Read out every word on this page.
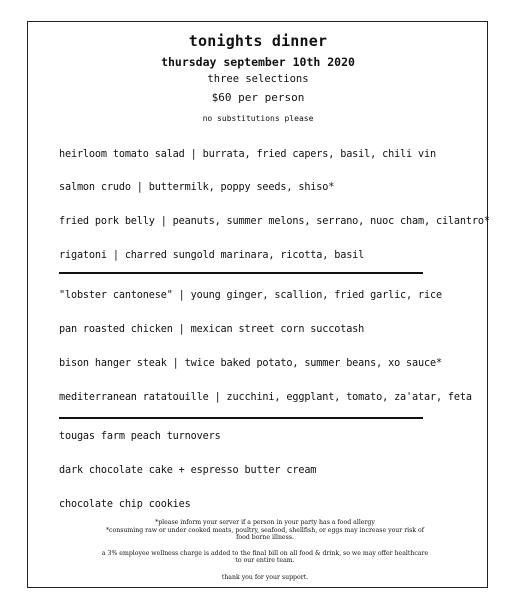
tonights dinner
thursday september 10th 2020
three selections
$60 per person
no substitutions please
heirloom tomato salad | burrata, fried capers, basil, chili vin
salmon crudo | buttermilk, poppy seeds, shiso*
fried pork belly | peanuts, summer melons, serrano, nuoc cham, cilantro*
rigatoni | charred sungold marinara, ricotta, basil
"lobster cantonese" | young ginger, scallion, fried garlic, rice
pan roasted chicken | mexican street corn succotash
bison hanger steak | twice baked potato, summer beans, xo sauce*
mediterranean ratatouille | zucchini, eggplant, tomato, za'atar, feta
tougas farm peach turnovers
dark chocolate cake + espresso butter cream
chocolate chip cookies
*please inform your server if a person in your party has a food allergy
*consuming raw or under cooked meats, poultry, seafood, shellfish, or eggs may increase your risk of food borne illness.
a 3% employee wellness charge is added to the final bill on all food & drink, so we may offer healthcare to our entire team.
thank you for your support.
